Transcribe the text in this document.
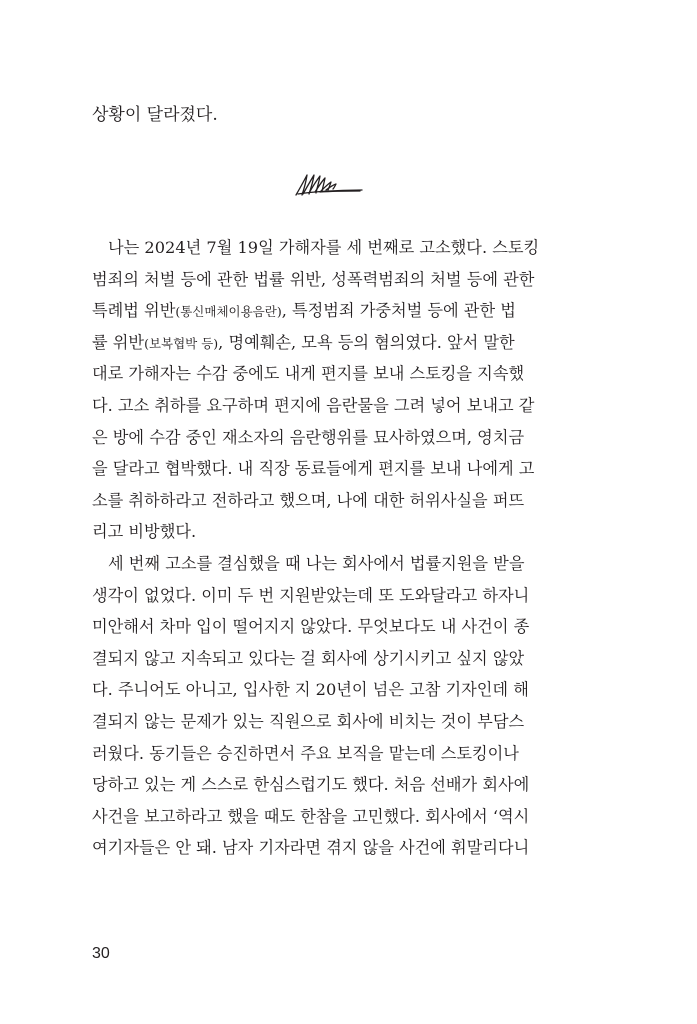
상황이 달라졌다.
나는 2024년 7월 19일 가해자를 세 번째로 고소했다. 스토킹
범죄의 처벌 등에 관한 법률 위반, 성폭력범죄의 처벌 등에 관한
특례법 위반(통신매체이용음란), 특정범죄 가중처벌 등에 관한 법
률 위반(보복협박 등), 명예훼손, 모욕 등의 혐의였다. 앞서 말한
대로 가해자는 수감 중에도 내게 편지를 보내 스토킹을 지속했
다. 고소 취하를 요구하며 편지에 음란물을 그려 넣어 보내고 같
은 방에 수감 중인 재소자의 음란행위를 묘사하였으며, 영치금
을 달라고 협박했다. 내 직장 동료들에게 편지를 보내 나에게 고
소를 취하하라고 전하라고 했으며, 나에 대한 허위사실을 퍼뜨
리고 비방했다.
세 번째 고소를 결심했을 때 나는 회사에서 법률지원을 받을
생각이 없었다. 이미 두 번 지원받았는데 또 도와달라고 하자니
미안해서 차마 입이 떨어지지 않았다. 무엇보다도 내 사건이 종
결되지 않고 지속되고 있다는 걸 회사에 상기시키고 싶지 않았
다. 주니어도 아니고, 입사한 지 20년이 넘은 고참 기자인데 해
결되지 않는 문제가 있는 직원으로 회사에 비치는 것이 부담스
러웠다. 동기들은 승진하면서 주요 보직을 맡는데 스토킹이나
당하고 있는 게 스스로 한심스럽기도 했다. 처음 선배가 회사에
사건을 보고하라고 했을 때도 한참을 고민했다. 회사에서 ‘역시
여기자들은 안 돼. 남자 기자라면 겪지 않을 사건에 휘말리다니
30
